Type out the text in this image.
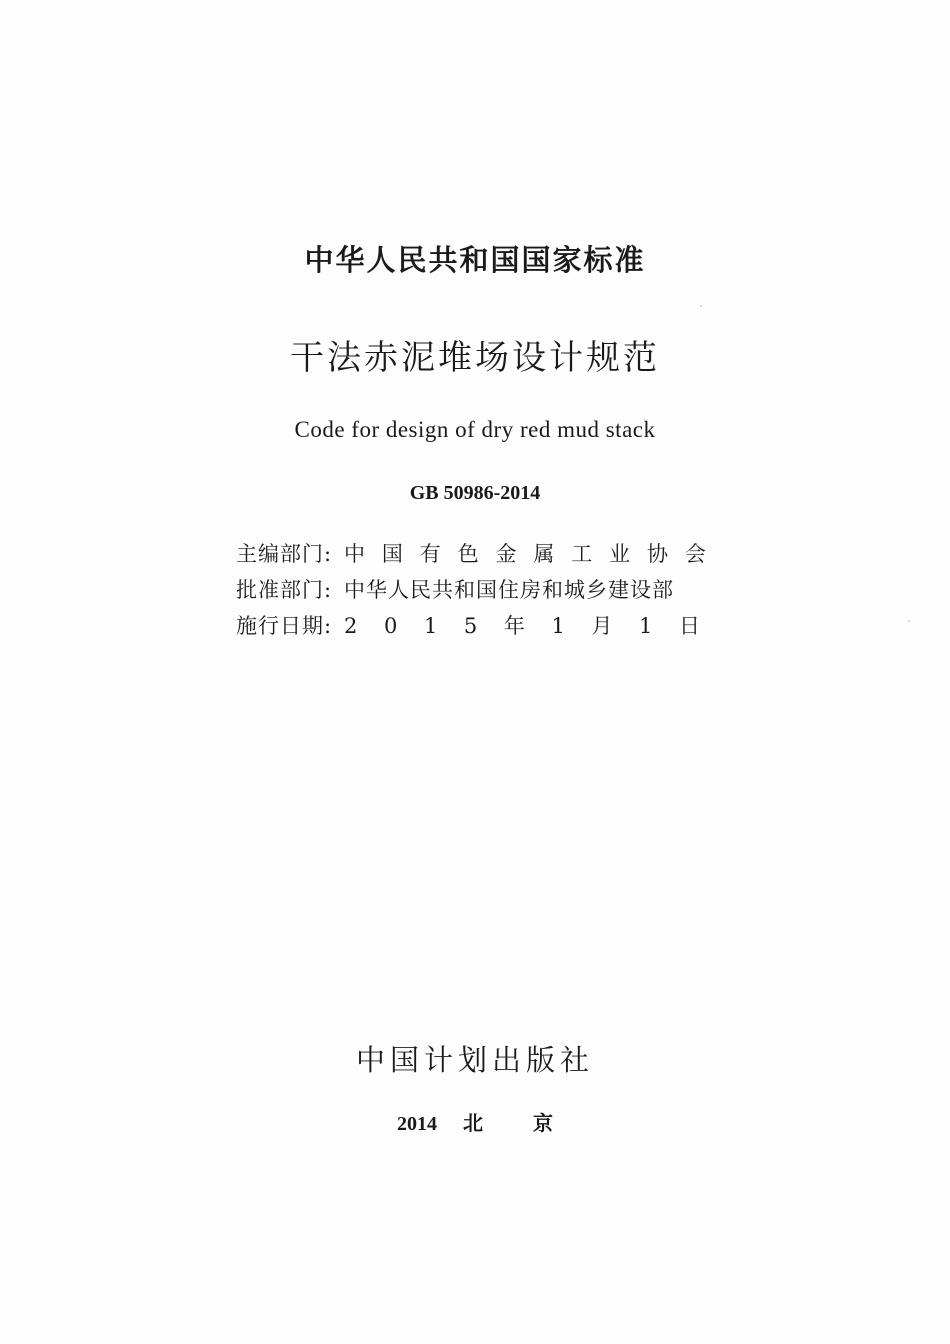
中华人民共和国国家标准
干法赤泥堆场设计规范
Code for design of dry red mud stack
GB 50986-2014
主编部门: 中 国 有 色 金 属 工 业 协 会
批准部门: 中华人民共和国住房和城乡建设部
施行日期: 2 0 1 5 年 1 月 1 日
中国计划出版社
2014 北	京
